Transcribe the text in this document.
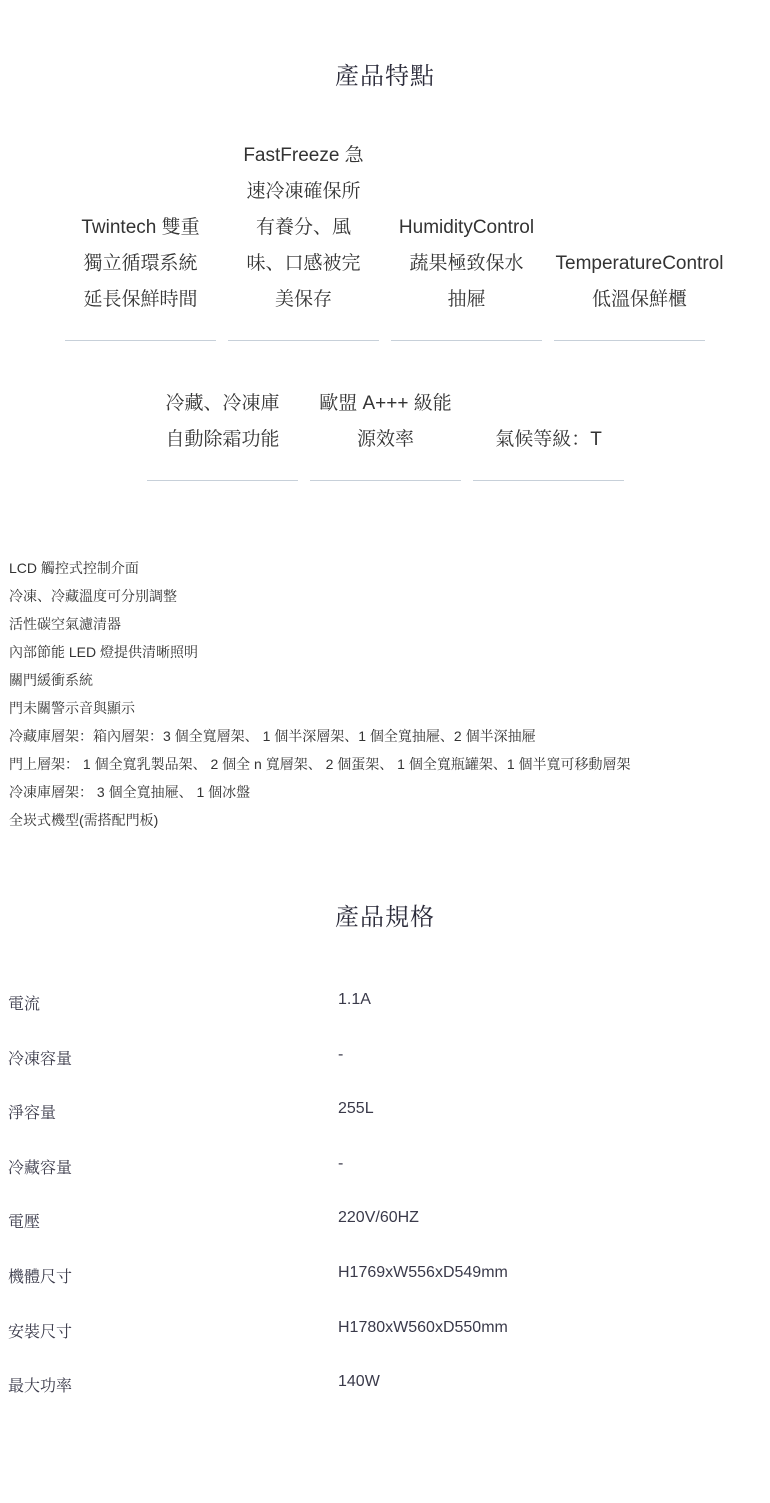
產品特點
Twintech 雙重
獨立循環系統
延長保鮮時間
FastFreeze 急
速冷凍確保所
有養分、風
味、口感被完
美保存
HumidityControl
蔬果極致保水
抽屜
TemperatureControl
低溫保鮮櫃
冷藏、冷凍庫
自動除霜功能
歐盟 A+++ 級能
源效率	氣候等級：T
LCD 觸控式控制介面
冷凍、冷藏溫度可分別調整
活性碳空氣濾清器
內部節能 LED 燈提供清晰照明
關門緩衝系統
門未關警示音與顯示
冷藏庫層架：箱內層架：3 個全寬層架、 1 個半深層架、1 個全寬抽屜、2 個半深抽屜
門上層架： 1 個全寬乳製品架、 2 個全 n 寬層架、 2 個蛋架、 1 個全寬瓶罐架、1 個半寬可移動層架
冷凍庫層架： 3 個全寬抽屜、 1 個冰盤
全崁式機型(需搭配門板)
產品規格
電流	1.1A
冷凍容量	-
淨容量	255L
冷藏容量	-
電壓	220V/60HZ
機體尺寸	H1769xW556xD549mm
安裝尺寸	H1780xW560xD550mm
最大功率	140W
